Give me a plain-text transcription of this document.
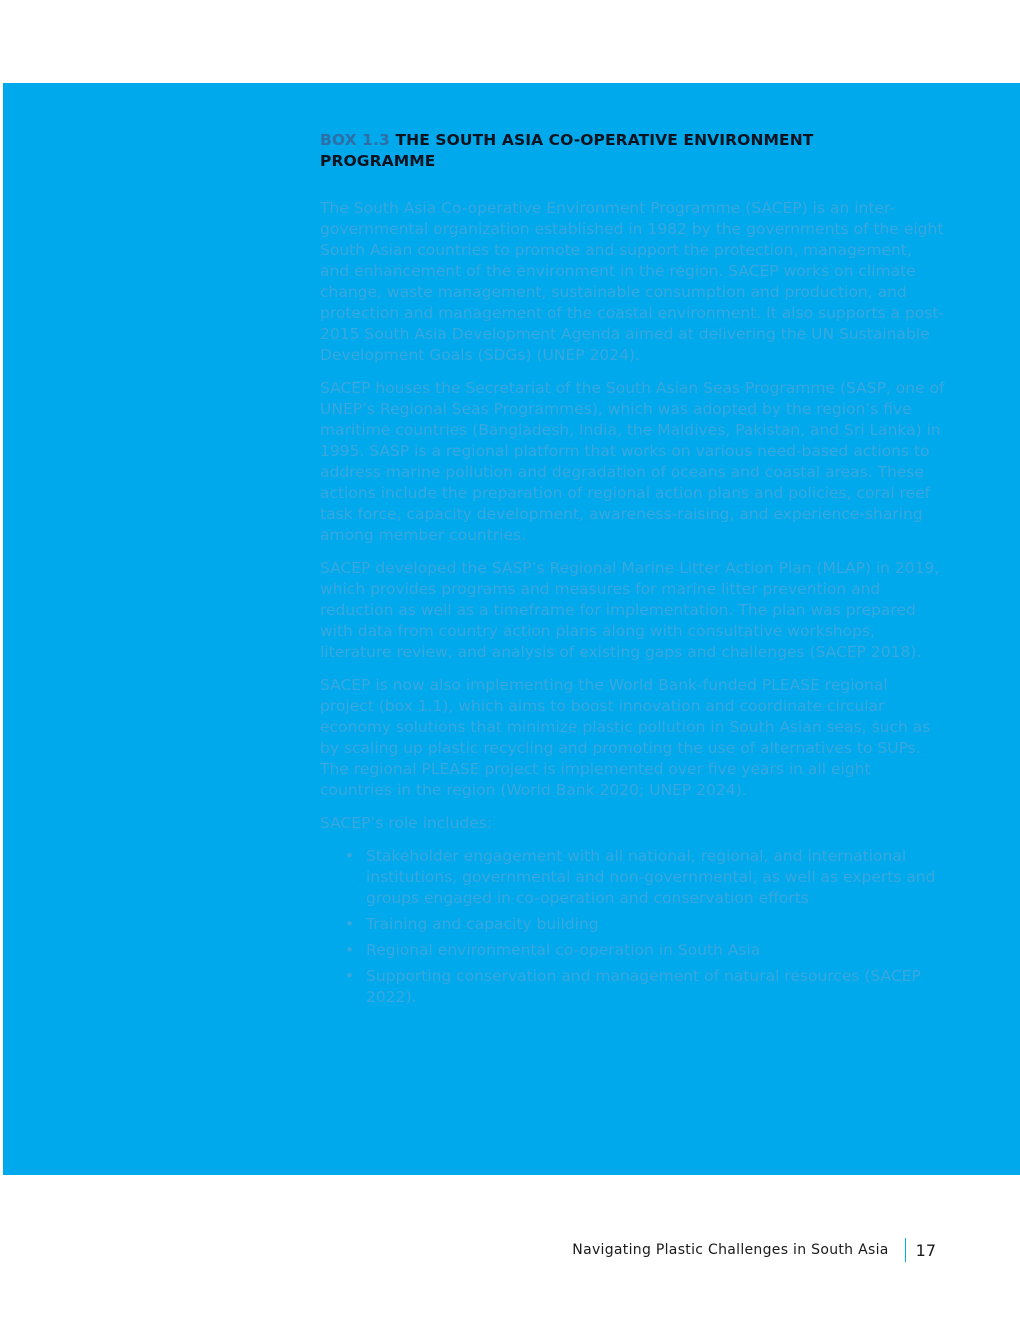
BOX 1.3 THE SOUTH ASIA CO-OPERATIVE ENVIRONMENT
PROGRAMME

The South Asia Co-operative Environment Programme (SACEP) is an inter-governmental organization established in 1982 by the governments of the eight South Asian countries to promote and support the protection, management, and enhancement of the environment in the region. SACEP works on climate change, waste management, sustainable consumption and production, and protection and management of the coastal environment. It also supports a post-2015 South Asia Development Agenda aimed at delivering the UN Sustainable Development Goals (SDGs) (UNEP 2024).

SACEP houses the Secretariat of the South Asian Seas Programme (SASP, one of UNEP’s Regional Seas Programmes), which was adopted by the region’s five maritime countries (Bangladesh, India, the Maldives, Pakistan, and Sri Lanka) in 1995. SASP is a regional platform that works on various need-based actions to address marine pollution and degradation of oceans and coastal areas. These actions include the preparation of regional action plans and policies, coral reef task force, capacity development, awareness-raising, and experience-sharing among member countries.

SACEP developed the SASP’s Regional Marine Litter Action Plan (MLAP) in 2019, which provides programs and measures for marine litter prevention and reduction as well as a timeframe for implementation. The plan was prepared with data from country action plans along with consultative workshops, literature review, and analysis of existing gaps and challenges (SACEP 2018).

SACEP is now also implementing the World Bank-funded PLEASE regional project (box 1.1), which aims to boost innovation and coordinate circular economy solutions that minimize plastic pollution in South Asian seas, such as by scaling up plastic recycling and promoting the use of alternatives to SUPs. The regional PLEASE project is implemented over five years in all eight countries in the region (World Bank 2020; UNEP 2024).

SACEP’s role includes:

• Stakeholder engagement with all national, regional, and international institutions, governmental and non-governmental, as well as experts and groups engaged in co-operation and conservation efforts
• Training and capacity building
• Regional environmental co-operation in South Asia
• Supporting conservation and management of natural resources (SACEP 2022).
Navigating Plastic Challenges in South Asia 17
